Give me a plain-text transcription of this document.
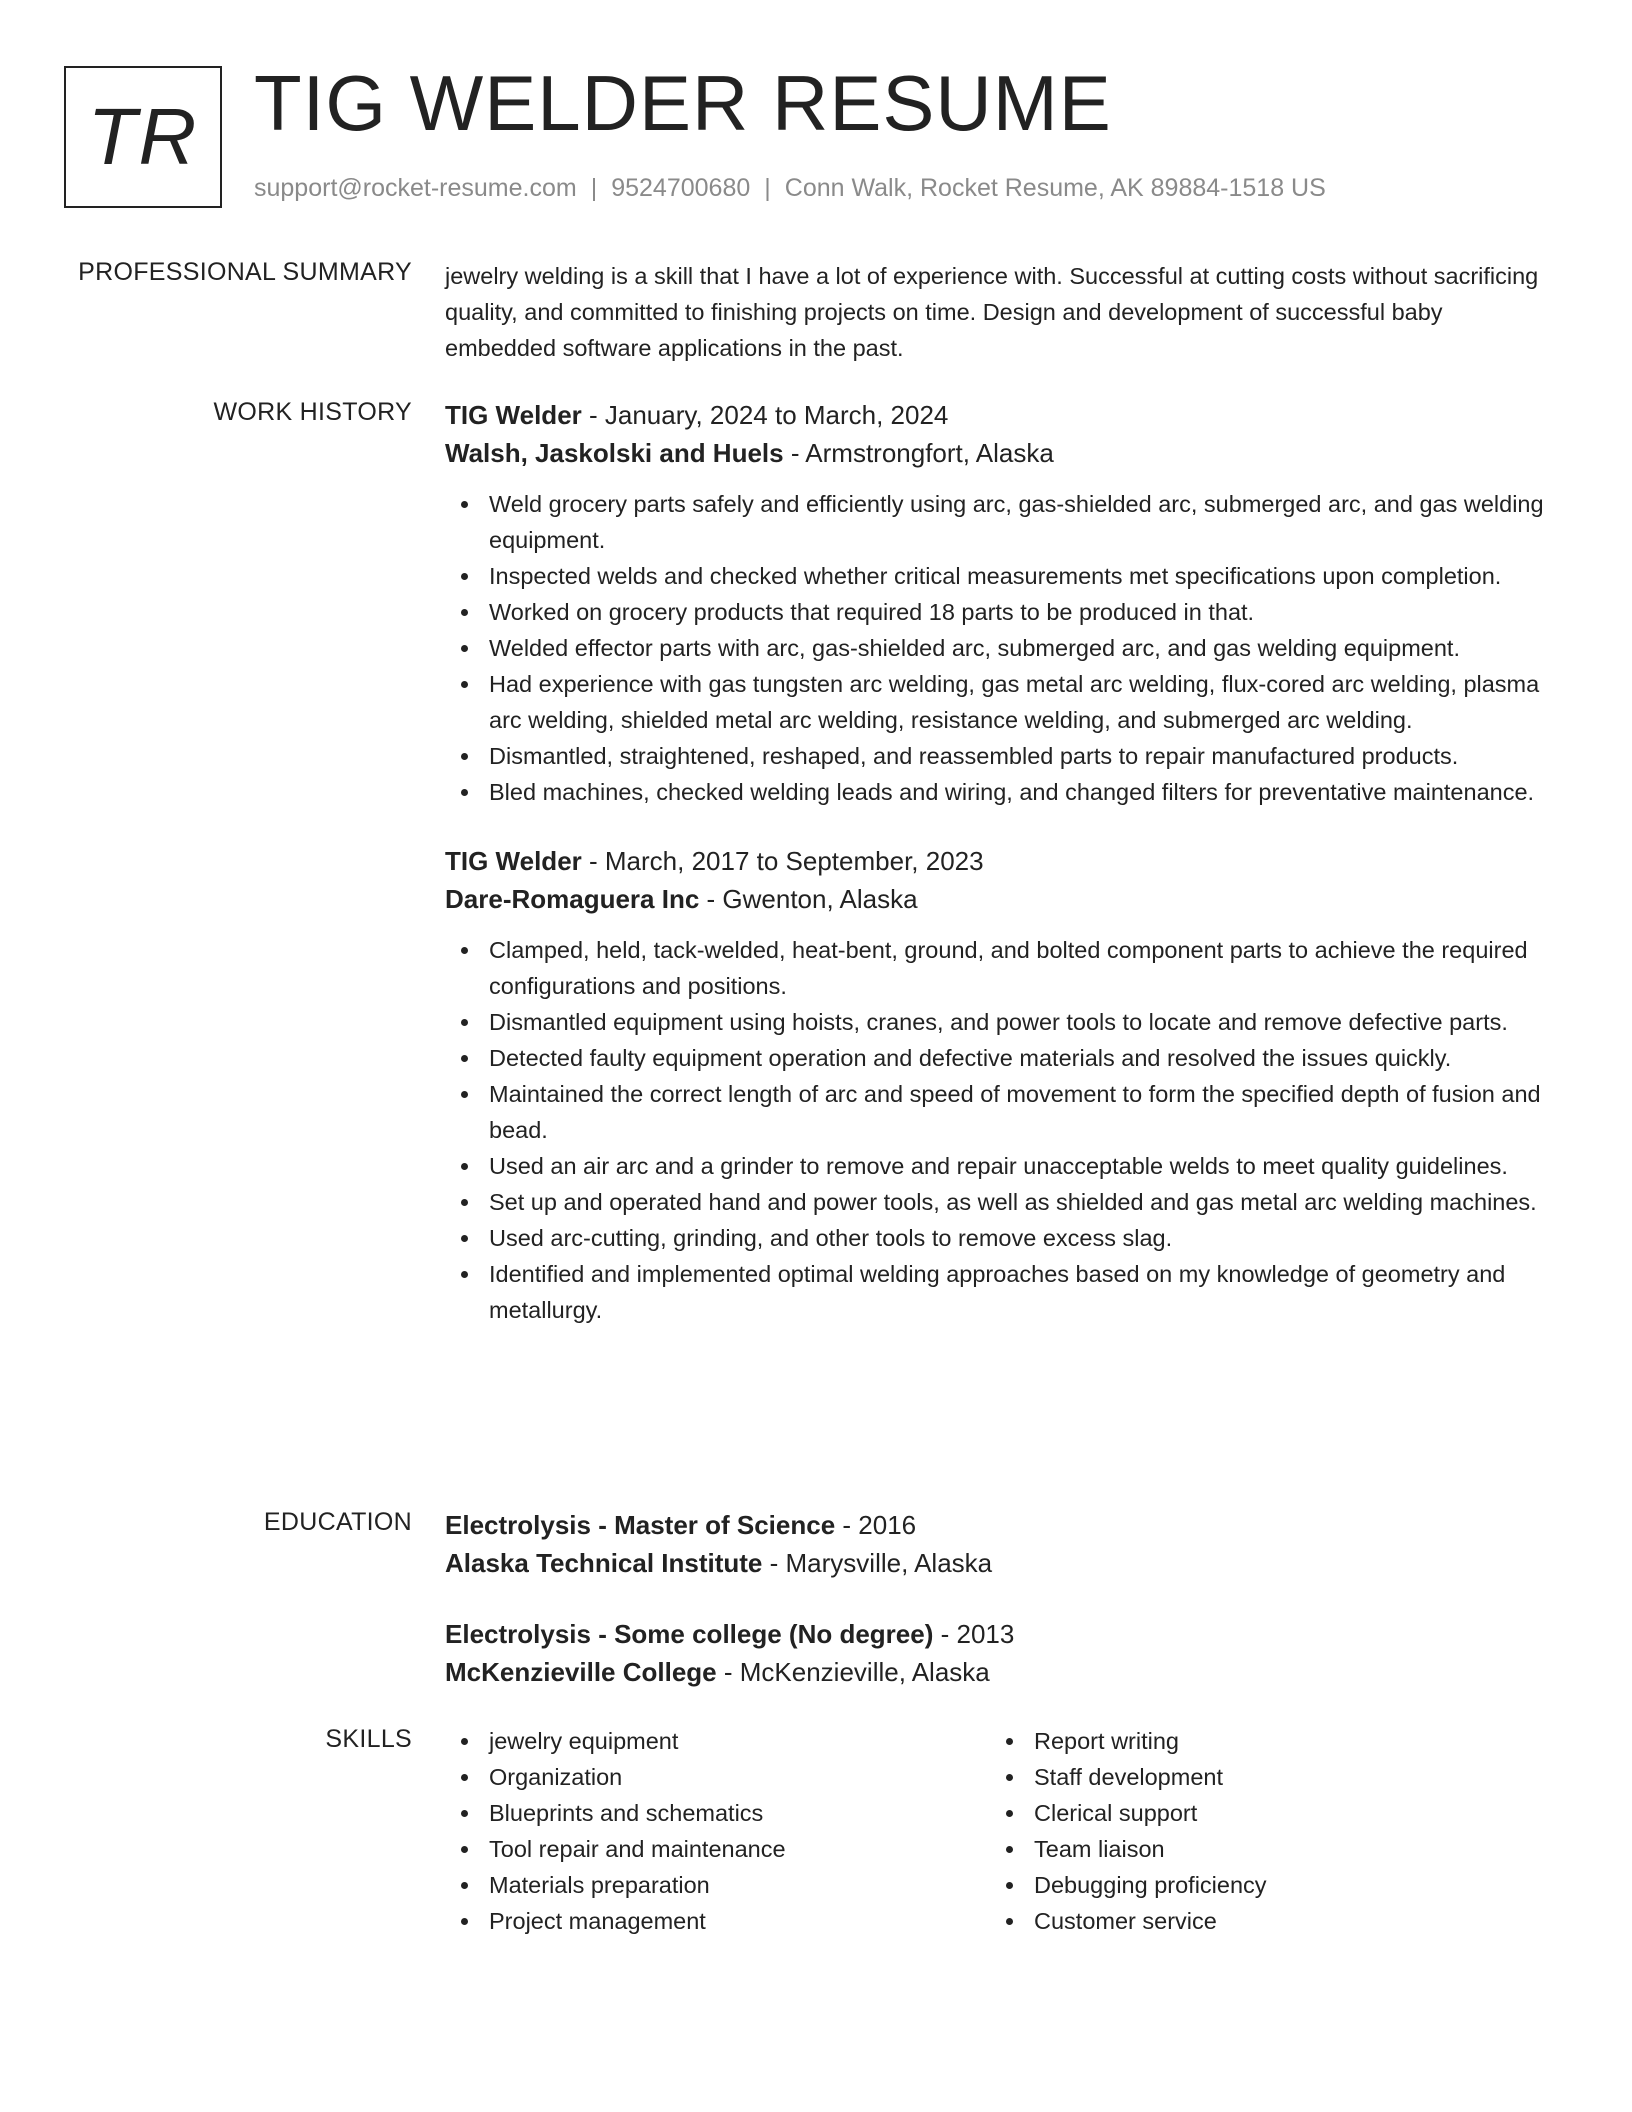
TR TIG WELDER RESUME
support@rocket-resume.com | 9524700680 | Conn Walk, Rocket Resume, AK 89884-1518 US
PROFESSIONAL SUMMARY jewelry welding is a skill that I have a lot of experience with. Successful at cutting costs without sacrificing quality, and committed to finishing projects on time. Design and development of successful baby embedded software applications in the past.

WORK HISTORY TIG Welder - January, 2024 to March, 2024
Walsh, Jaskolski and Huels - Armstrongfort, Alaska
Weld grocery parts safely and efficiently using arc, gas-shielded arc, submerged arc, and gas welding equipment.
Inspected welds and checked whether critical measurements met specifications upon completion.
Worked on grocery products that required 18 parts to be produced in that.
Welded effector parts with arc, gas-shielded arc, submerged arc, and gas welding equipment.
Had experience with gas tungsten arc welding, gas metal arc welding, flux-cored arc welding, plasma arc welding, shielded metal arc welding, resistance welding, and submerged arc welding.
Dismantled, straightened, reshaped, and reassembled parts to repair manufactured products.
Bled machines, checked welding leads and wiring, and changed filters for preventative maintenance.
TIG Welder - March, 2017 to September, 2023
Dare-Romaguera Inc - Gwenton, Alaska
Clamped, held, tack-welded, heat-bent, ground, and bolted component parts to achieve the required configurations and positions.
Dismantled equipment using hoists, cranes, and power tools to locate and remove defective parts.
Detected faulty equipment operation and defective materials and resolved the issues quickly.
Maintained the correct length of arc and speed of movement to form the specified depth of fusion and bead.
Used an air arc and a grinder to remove and repair unacceptable welds to meet quality guidelines.
Set up and operated hand and power tools, as well as shielded and gas metal arc welding machines.
Used arc-cutting, grinding, and other tools to remove excess slag.
Identified and implemented optimal welding approaches based on my knowledge of geometry and metallurgy.
EDUCATION Electrolysis - Master of Science - 2016
Alaska Technical Institute - Marysville, Alaska
Electrolysis - Some college (No degree) - 2013
McKenzieville College - McKenzieville, Alaska
SKILLS	jewelry equipment
Organization
Blueprints and schematics
Tool repair and maintenance
Materials preparation
Project management
Report writing
Staff development
Clerical support
Team liaison
Debugging proficiency
Customer service
